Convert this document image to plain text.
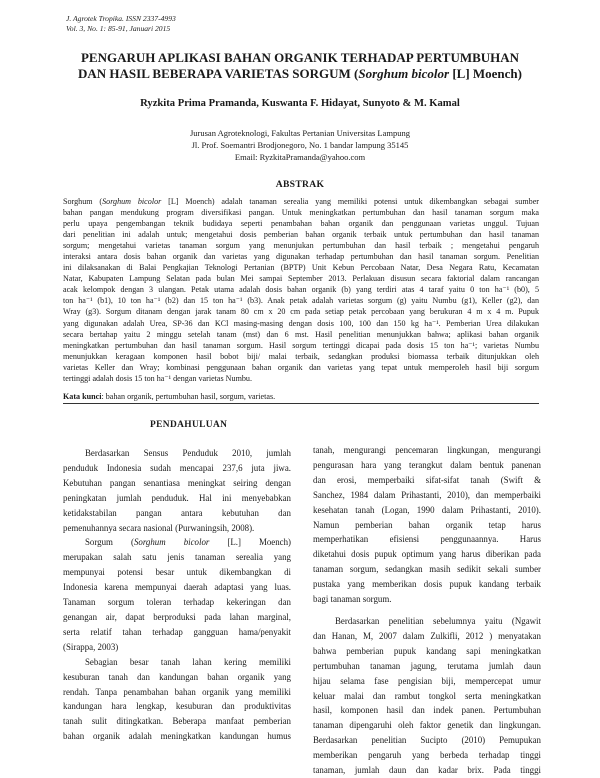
J. Agrotek Tropika. ISSN 2337-4993
Vol. 3, No. 1: 85-91, Januari 2015
PENGARUH APLIKASI BAHAN ORGANIK TERHADAP PERTUMBUHAN
DAN HASIL BEBERAPA VARIETAS SORGUM (Sorghum bicolor [L] Moench)
Ryzkita Prima Pramanda, Kuswanta F. Hidayat, Sunyoto & M. Kamal
Jurusan Agroteknologi, Fakultas Pertanian Universitas Lampung
Jl. Prof. Soemantri Brodjonegoro, No. 1 bandar lampung 35145
Email: RyzkitaPramanda@yahoo.com
ABSTRAK
Sorghum (Sorghum bicolor [L] Moench) adalah tanaman serealia yang memiliki potensi untuk dikembangkan sebagai sumber
bahan pangan mendukung program diversifikasi pangan. Untuk meningkatkan pertumbuhan dan hasil tanaman sorgum maka
perlu upaya pengembangan teknik budidaya seperti penambahan bahan organik dan penggunaan varietas unggul. Tujuan
dari penelitian ini adalah untuk; mengetahui dosis pemberian bahan organik terbaik untuk pertumbuhan dan hasil tanaman
sorgum; mengetahui varietas tanaman sorgum yang menunjukan pertumbuhan dan hasil terbaik ; mengetahui pengaruh
interaksi antara dosis bahan organik dan varietas yang digunakan terhadap pertumbuhan dan hasil tanaman sorgum. Penelitian
ini dilaksanakan di Balai Pengkajian Teknologi Pertanian (BPTP) Unit Kebun Percobaan Natar, Desa Negara Ratu, Kecamatan
Natar, Kabupaten Lampung Selatan pada bulan Mei sampai September 2013. Perlakuan disusun secara faktorial dalam rancangan
acak kelompok dengan 3 ulangan. Petak utama adalah dosis bahan organik (b) yang terdiri atas 4 taraf yaitu 0 ton ha⁻¹ (b0), 5
ton ha⁻¹ (b1), 10 ton ha⁻¹ (b2) dan 15 ton ha⁻¹ (b3). Anak petak adalah varietas sorgum (g) yaitu Numbu (g1), Keller (g2), dan
Wray (g3). Sorgum ditanam dengan jarak tanam 80 cm x 20 cm pada setiap petak percobaan yang berukuran 4 m x 4 m. Pupuk
yang digunakan adalah Urea, SP-36 dan KCl masing-masing dengan dosis 100, 100 dan 150 kg ha⁻¹. Pemberian Urea dilakukan
secara bertahap yaitu 2 minggu setelah tanam (mst) dan 6 mst. Hasil penelitian menunjukkan bahwa; aplikasi bahan organik
meningkatkan pertumbuhan dan hasil tanaman sorgum. Hasil sorgum tertinggi dicapai pada dosis 15 ton ha⁻¹; varietas Numbu
menunjukkan keragaan komponen hasil bobot biji/ malai terbaik, sedangkan produksi biomassa terbaik ditunjukkan oleh
varietas Keller dan Wray; kombinasi penggunaan bahan organik dan varietas yang tepat untuk memperoleh hasil biji sorgum
tertinggi adalah dosis 15 ton ha⁻¹ dengan varietas Numbu.
Kata kunci: bahan organik, pertumbuhan hasil, sorgum, varietas.
PENDAHULUAN
Berdasarkan Sensus Penduduk 2010, jumlah
penduduk Indonesia sudah mencapai 237,6 juta jiwa.
Kebutuhan pangan senantiasa meningkat seiring dengan
peningkatan jumlah penduduk. Hal ini menyebabkan
ketidakstabilan pangan antara kebutuhan dan
pemenuhannya secara nasional (Purwaningsih, 2008).
Sorgum (Sorghum bicolor [L.] Moench)
merupakan salah satu jenis tanaman serealia yang
mempunyai potensi besar untuk dikembangkan di
Indonesia karena mempunyai daerah adaptasi yang luas.
Tanaman sorgum toleran terhadap kekeringan dan
genangan air, dapat berproduksi pada lahan marginal,
serta relatif tahan terhadap gangguan hama/penyakit
(Sirappa, 2003)
Sebagian besar tanah lahan kering memiliki
kesuburan tanah dan kandungan bahan organik yang
rendah. Tanpa penambahan bahan organik yang memiliki
kandungan hara lengkap, kesuburan dan produktivitas
tanah sulit ditingkatkan. Beberapa manfaat pemberian
bahan organik adalah meningkatkan kandungan humus
tanah, mengurangi pencemaran lingkungan, mengurangi
pengurasan hara yang terangkut dalam bentuk panenan
dan erosi, memperbaiki sifat-sifat tanah (Swift &
Sanchez, 1984 dalam Prihastanti, 2010), dan memperbaiki
kesehatan tanah (Logan, 1990 dalam Prihastanti, 2010).
Namun pemberian bahan organik tetap harus
memperhatikan efisiensi penggunaannya. Harus
diketahui dosis pupuk optimum yang harus diberikan pada
tanaman sorgum, sedangkan masih sedikit sekali sumber
pustaka yang memberikan dosis pupuk kandang terbaik
bagi tanaman sorgum.
Berdasarkan penelitian sebelumnya yaitu (Ngawit
dan Hanan, M, 2007 dalam Zulkifli, 2012 ) menyatakan
bahwa pemberian pupuk kandang sapi meningkatkan
pertumbuhan tanaman jagung, terutama jumlah daun
hijau selama fase pengisian biji, mempercepat umur
keluar malai dan rambut tongkol serta meningkatkan
hasil, komponen hasil dan indek panen. Pertumbuhan
tanaman dipengaruhi oleh faktor genetik dan lingkungan.
Berdasarkan penelitian Sucipto (2010) Pemupukan
memberikan pengaruh yang berbeda terhadap tinggi
tanaman, jumlah daun dan kadar brix. Pada tinggi
